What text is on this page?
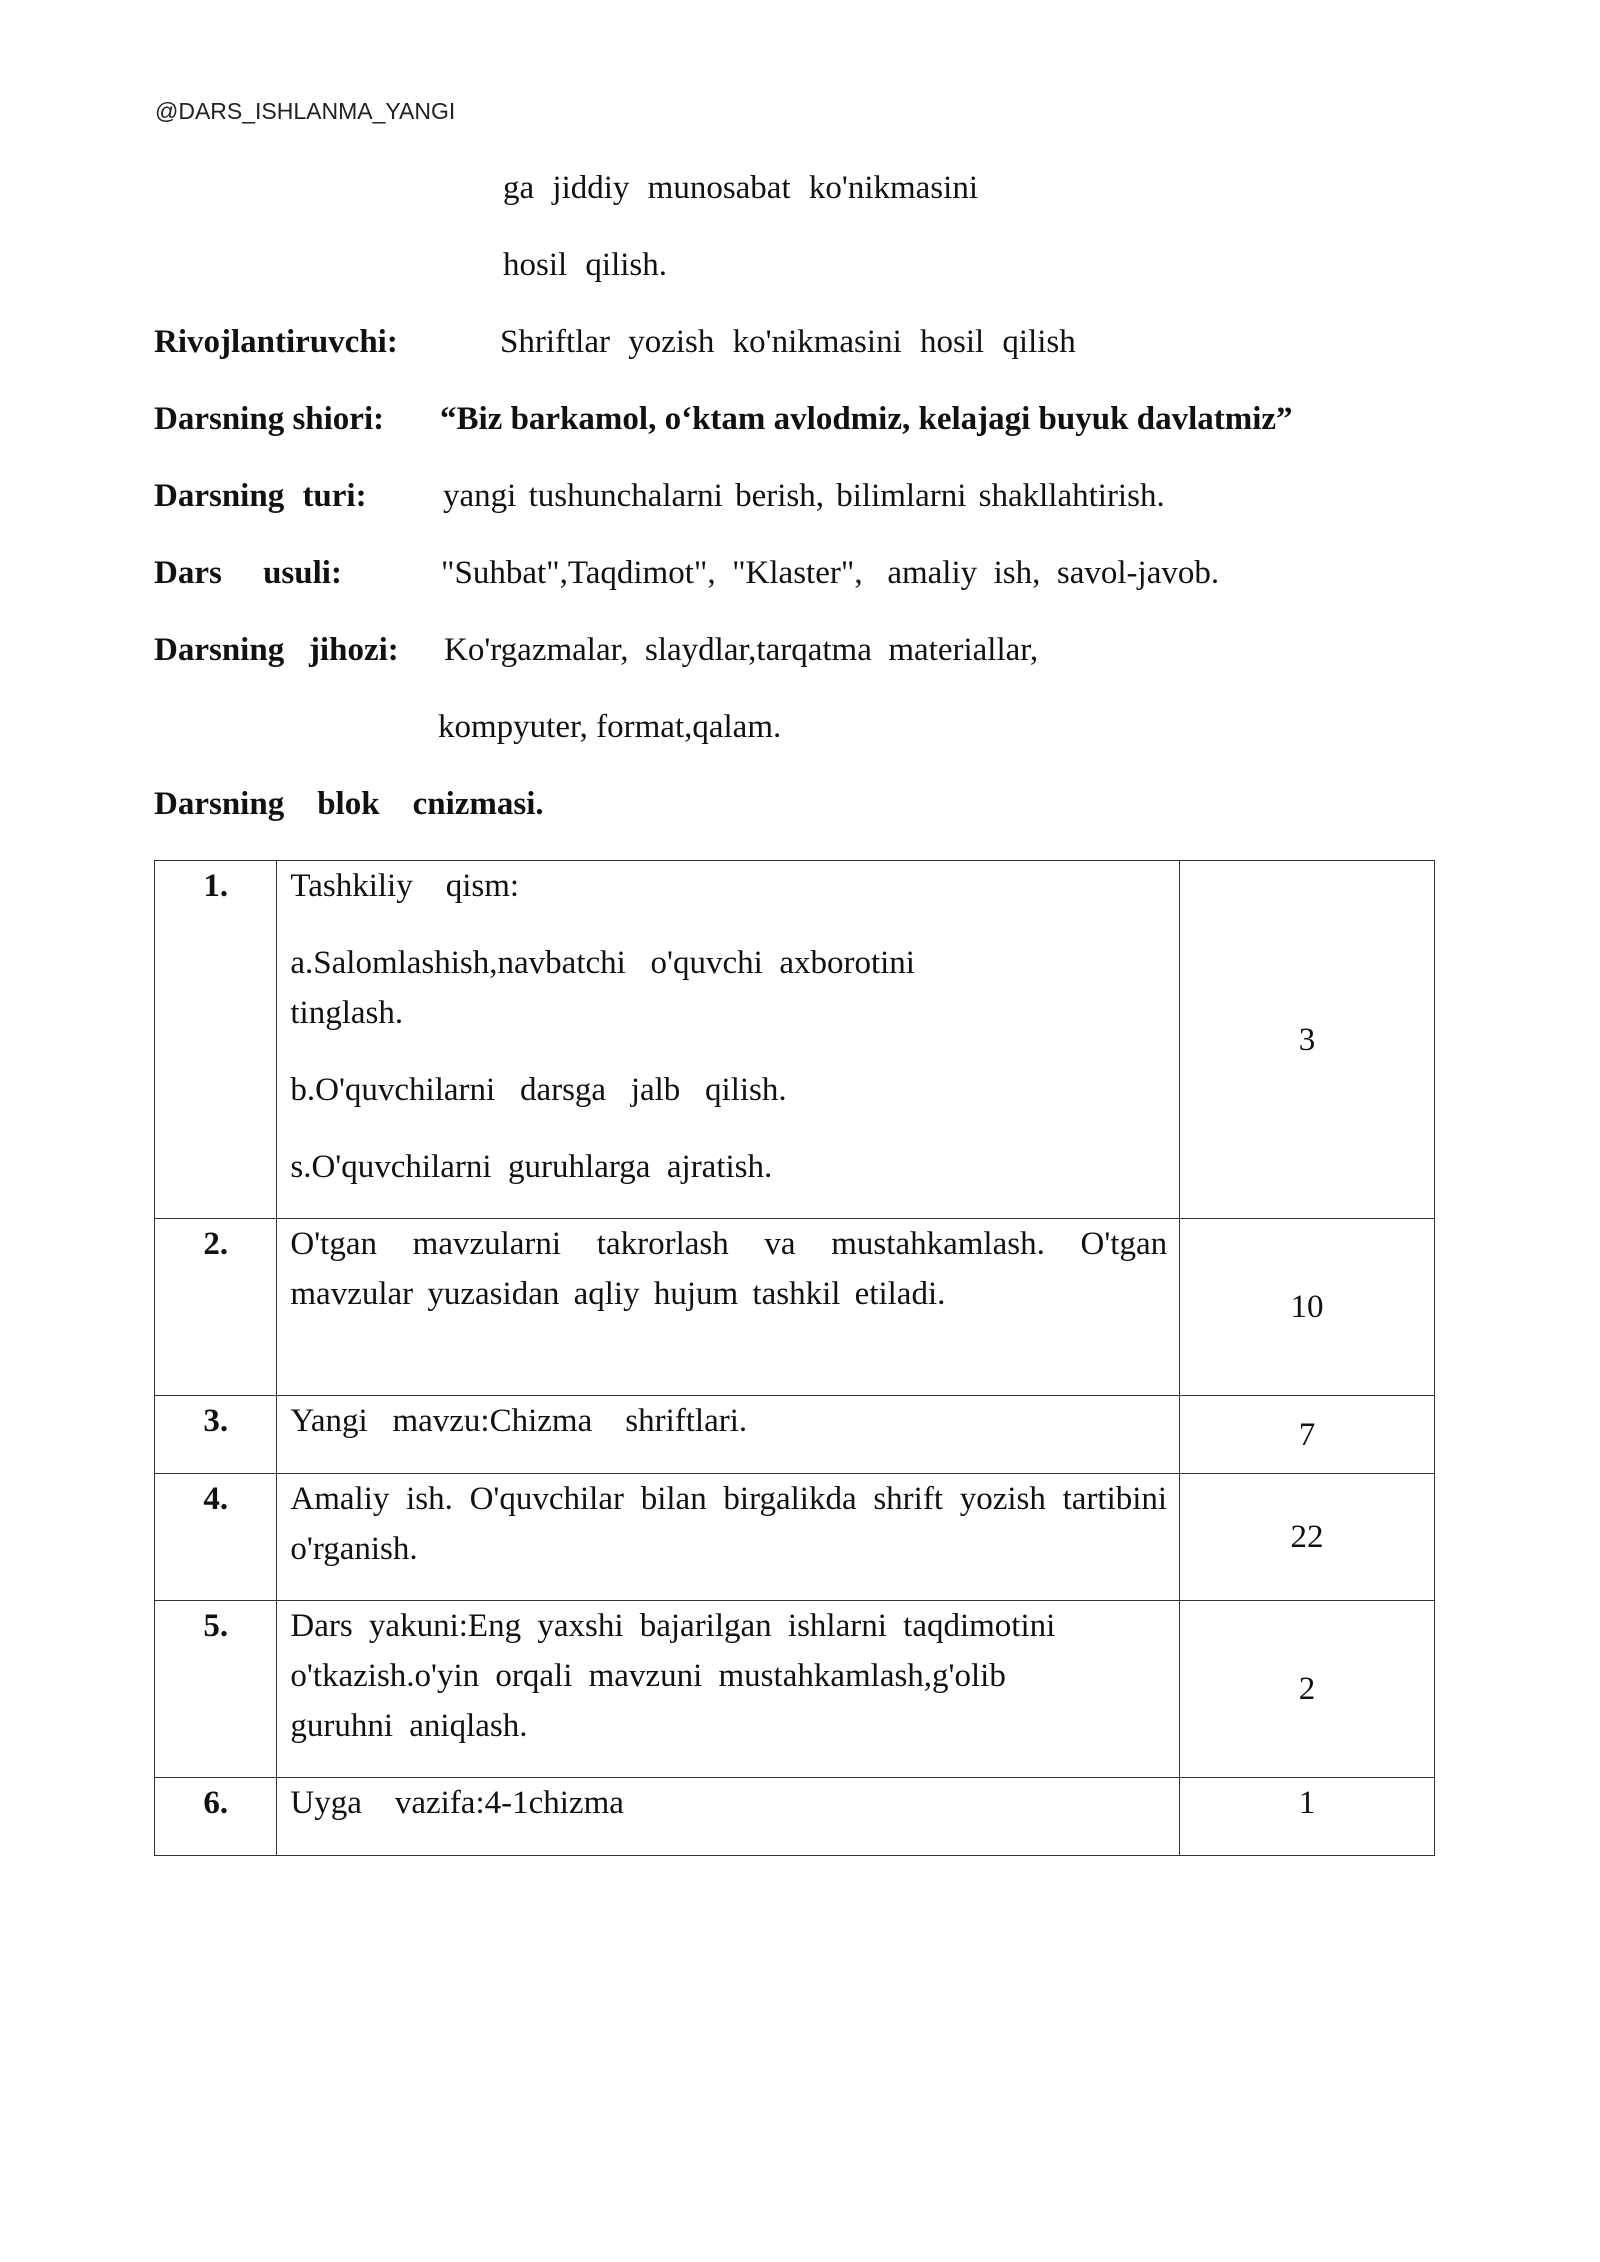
@DARS_ISHLANMA_YANGI
ga jiddiy munosabat ko'nikmasini
hosil qilish.
Rivojlantiruvchi:	Shriftlar yozish ko'nikmasini hosil qilish
Darsning shiori: “Biz barkamol, o‘ktam avlodmiz, kelajagi buyuk davlatmiz”
Darsning turi: yangi tushunchalarni berish, bilimlarni shakllahtirish.
Dars     usuli:	"Suhbat",Taqdimot",  "Klaster",   amaliy  ish,  savol-javob.
Darsning   jihozi: Ko'rgazmalar,  slaydlar,tarqatma  materiallar,
kompyuter, format,qalam.
Darsning    blok    cnizmasi.
1.	Tashkiliy    qism:

a.Salomlashish,navbatchi   o'quvchi  axborotini tinglash.

b.O'quvchilarni   darsga   jalb   qilish.

s.O'quvchilarni  guruhlarga  ajratish.	3
2.	O'tgan mavzularni takrorlash va mustahkamlash. O'tgan mavzular yuzasidan aqliy hujum tashkil etiladi.	10
3.	Yangi   mavzu:Chizma    shriftlari.	7
4.	Amaliy ish. O'quvchilar bilan birgalikda shrift yozish tartibini o'rganish.	22
5.	Dars yakuni:Eng yaxshi bajarilgan ishlarni taqdimotini o'tkazish.o'yin orqali mavzuni mustahkamlash,g'olib guruhni aniqlash.	2
6.	Uyga    vazifa:4-1chizma	1
